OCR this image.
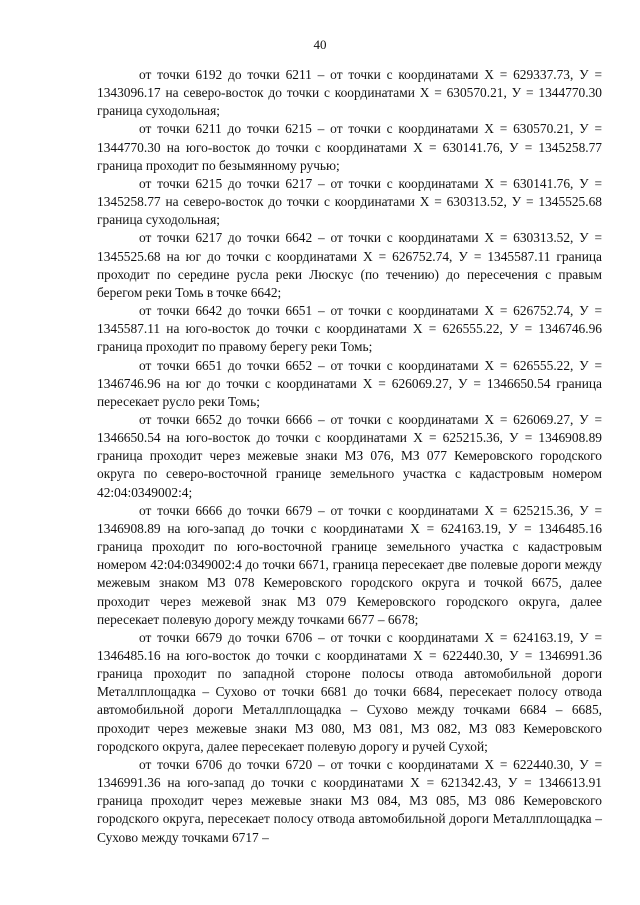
40

от точки 6192 до точки 6211 – от точки с координатами Х = 629337.73, У = 1343096.17 на северо-восток до точки с координатами Х = 630570.21, У = 1344770.30 граница суходольная;

от точки 6211 до точки 6215 – от точки с координатами Х = 630570.21, У = 1344770.30 на юго-восток до точки с координатами Х = 630141.76, У = 1345258.77 граница проходит по безымянному ручью;

от точки 6215 до точки 6217 – от точки с координатами Х = 630141.76, У = 1345258.77 на северо-восток до точки с координатами Х = 630313.52, У = 1345525.68 граница суходольная;

от точки 6217 до точки 6642 – от точки с координатами Х = 630313.52, У = 1345525.68 на юг до точки с координатами Х = 626752.74, У = 1345587.11 граница проходит по середине русла реки Люскус (по течению) до пересечения с правым берегом реки Томь в точке 6642;

от точки 6642 до точки 6651 – от точки с координатами Х = 626752.74, У = 1345587.11 на юго-восток до точки с координатами Х = 626555.22, У = 1346746.96 граница проходит по правому берегу реки Томь;

от точки 6651 до точки 6652 – от точки с координатами Х = 626555.22, У = 1346746.96 на юг до точки с координатами Х = 626069.27, У = 1346650.54 граница пересекает русло реки Томь;

от точки 6652 до точки 6666 – от точки с координатами Х = 626069.27, У = 1346650.54 на юго-восток до точки с координатами Х = 625215.36, У = 1346908.89 граница проходит через межевые знаки МЗ 076, МЗ 077 Кемеровского городского округа по северо-восточной границе земельного участка с кадастровым номером 42:04:0349002:4;

от точки 6666 до точки 6679 – от точки с координатами Х = 625215.36, У = 1346908.89 на юго-запад до точки с координатами Х = 624163.19, У = 1346485.16 граница проходит по юго-восточной границе земельного участка с кадастровым номером 42:04:0349002:4 до точки 6671, граница пересекает две полевые дороги между межевым знаком МЗ 078 Кемеровского городского округа и точкой 6675, далее проходит через межевой знак МЗ 079 Кемеровского городского округа, далее пересекает полевую дорогу между точками 6677 – 6678;

от точки 6679 до точки 6706 – от точки с координатами Х = 624163.19, У = 1346485.16 на юго-восток до точки с координатами Х = 622440.30, У = 1346991.36 граница проходит по западной стороне полосы отвода автомобильной дороги Металлплощадка – Сухово от точки 6681 до точки 6684, пересекает полосу отвода автомобильной дороги Металлплощадка – Сухово между точками 6684 – 6685, проходит через межевые знаки МЗ 080, МЗ 081, МЗ 082, МЗ 083 Кемеровского городского округа, далее пересекает полевую дорогу и ручей Сухой;

от точки 6706 до точки 6720 – от точки с координатами Х = 622440.30, У = 1346991.36 на юго-запад до точки с координатами Х = 621342.43, У = 1346613.91 граница проходит через межевые знаки МЗ 084, МЗ 085, МЗ 086 Кемеровского городского округа, пересекает полосу отвода автомобильной дороги Металлплощадка – Сухово между точками 6717 –
